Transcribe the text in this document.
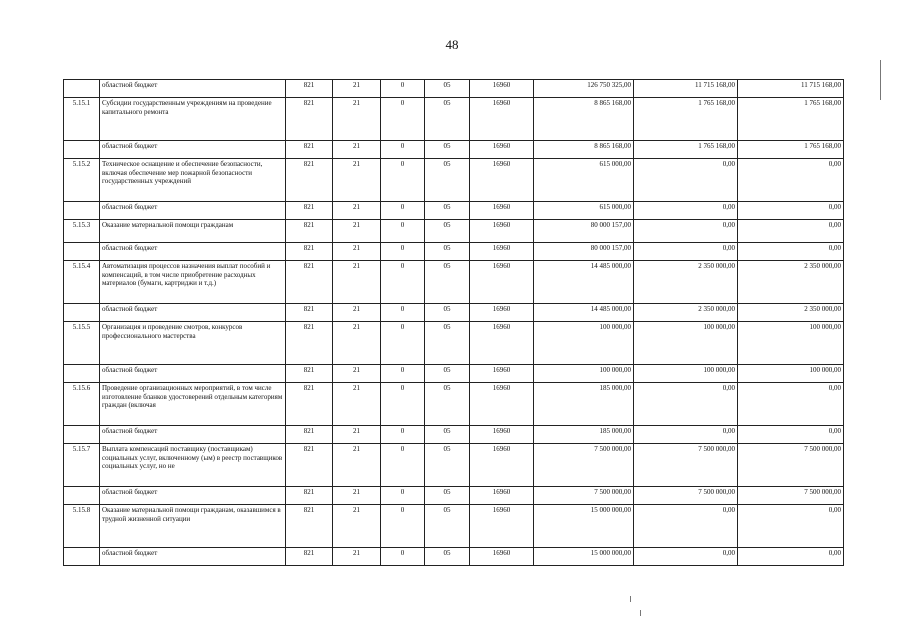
48

	областной бюджет	821	21	0	05	16960	126 750 325,00	11 715 168,00	11 715 168,00
5.15.1	Субсидии государственным учреждениям на проведение капитального ремонта	821	21	0	05	16960	8 865 168,00	1 765 168,00	1 765 168,00

	областной бюджет	821	21	0	05	16960	8 865 168,00	1 765 168,00	1 765 168,00
5.15.2	Техническое оснащение и обеспечение безопасности, включая обеспечение мер пожарной безопасности государственных учреждений	821	21	0	05	16960	615 000,00	0,00	0,00

	областной бюджет	821	21	0	05	16960	615 000,00	0,00	0,00
5.15.3	Оказание материальной помощи гражданам	821	21	0	05	16960	80 000 157,00	0,00	0,00

	областной бюджет	821	21	0	05	16960	80 000 157,00	0,00	0,00
5.15.4	Автоматизация процессов назначения выплат пособий и компенсаций, в том числе приобретение расходных материалов (бумаги, картриджи и т.д.)	821	21	0	05	16960	14 485 000,00	2 350 000,00	2 350 000,00

	областной бюджет	821	21	0	05	16960	14 485 000,00	2 350 000,00	2 350 000,00
5.15.5	Организация и проведение смотров, конкурсов профессионального мастерства	821	21	0	05	16960	100 000,00	100 000,00	100 000,00

	областной бюджет	821	21	0	05	16960	100 000,00	100 000,00	100 000,00
5.15.6	Проведение организационных мероприятий, в том числе изготовление бланков удостоверений отдельным категориям граждан (включая	821	21	0	05	16960	185 000,00	0,00	0,00

	областной бюджет	821	21	0	05	16960	185 000,00	0,00	0,00
5.15.7	Выплата компенсаций поставщику (поставщикам) социальных услуг, включенному (ым) в реестр поставщиков социальных услуг, но не	821	21	0	05	16960	7 500 000,00	7 500 000,00	7 500 000,00

	областной бюджет	821	21	0	05	16960	7 500 000,00	7 500 000,00	7 500 000,00
5.15.8	Оказание материальной помощи гражданам, оказавшимся в трудной жизненной ситуации	821	21	0	05	16960	15 000 000,00	0,00	0,00

	областной бюджет	821	21	0	05	16960	15 000 000,00	0,00	0,00
